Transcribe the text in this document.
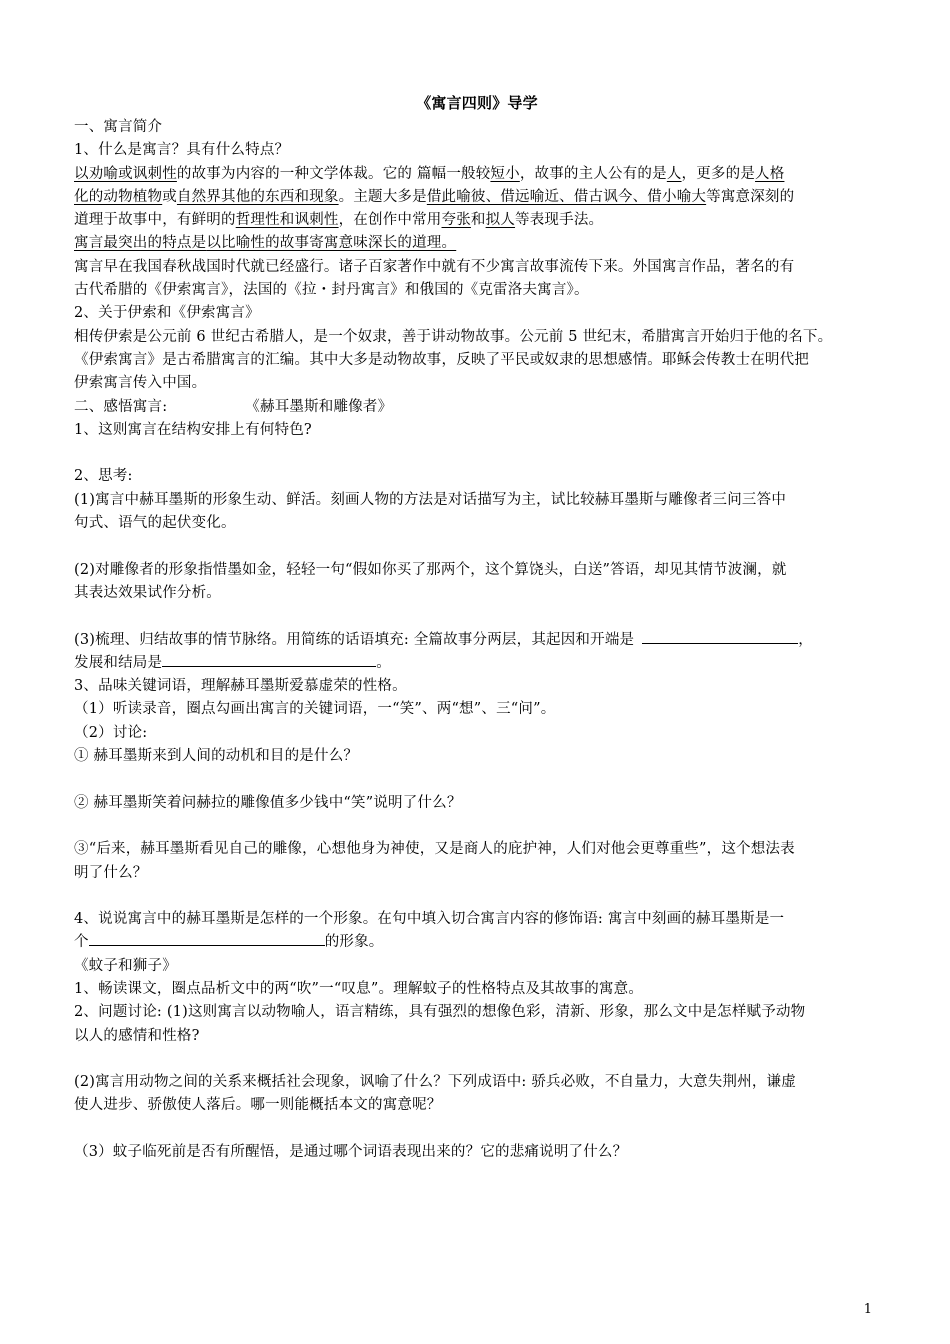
《寓言四则》导学
一、寓言简介
1、什么是寓言？具有什么特点？
以劝喻或讽刺性的故事为内容的一种文学体裁。它的 篇幅一般较短小，故事的主人公有的是人，更多的是人格
化的动物植物或自然界其他的东西和现象。主题大多是借此喻彼、借远喻近、借古讽今、借小喻大等寓意深刻的
道理于故事中，有鲜明的哲理性和讽刺性，在创作中常用夸张和拟人等表现手法。
寓言最突出的特点是以比喻性的故事寄寓意味深长的道理。
寓言早在我国春秋战国时代就已经盛行。诸子百家著作中就有不少寓言故事流传下来。外国寓言作品，著名的有
古代希腊的《伊索寓言》，法国的《拉・封丹寓言》和俄国的《克雷洛夫寓言》。
2、关于伊索和《伊索寓言》
相传伊索是公元前 6 世纪古希腊人，是一个奴隶，善于讲动物故事。公元前 5 世纪末，希腊寓言开始归于他的名下。
《伊索寓言》是古希腊寓言的汇编。其中大多是动物故事，反映了平民或奴隶的思想感情。耶稣会传教士在明代把
伊索寓言传入中国。
二、感悟寓言:	《赫耳墨斯和雕像者》
1、这则寓言在结构安排上有何特色?
2、思考:
(1)寓言中赫耳墨斯的形象生动、鲜活。刻画人物的方法是对话描写为主，试比较赫耳墨斯与雕像者三问三答中
句式、语气的起伏变化。
(2)对雕像者的形象指惜墨如金，轻轻一句“假如你买了那两个，这个算饶头，白送”答语，却见其情节波澜，就
其表达效果试作分析。
(3)梳理、归结故事的情节脉络。用简练的话语填充: 全篇故事分两层，其起因和开端是	，
发展和结局是	。
3、品味关键词语，理解赫耳墨斯爱慕虚荣的性格。
（1）听读录音，圈点勾画出寓言的关键词语，一“笑”、两“想”、三“问”。
（2）讨论:
① 赫耳墨斯来到人间的动机和目的是什么？
② 赫耳墨斯笑着问赫拉的雕像值多少钱中“笑”说明了什么？
③“后来，赫耳墨斯看见自己的雕像，心想他身为神使，又是商人的庇护神，人们对他会更尊重些”，这个想法表
明了什么？
4、说说寓言中的赫耳墨斯是怎样的一个形象。在句中填入切合寓言内容的修饰语: 寓言中刻画的赫耳墨斯是一
个	的形象。
《蚊子和狮子》
1、畅读课文，圈点品析文中的两“吹”一“叹息”。理解蚊子的性格特点及其故事的寓意。
2、问题讨论: (1)这则寓言以动物喻人，语言精练，具有强烈的想像色彩，清新、形象，那么文中是怎样赋予动物
以人的感情和性格?
(2)寓言用动物之间的关系来概括社会现象，讽喻了什么？下列成语中: 骄兵必败，不自量力，大意失荆州，谦虚
使人进步、骄傲使人落后。哪一则能概括本文的寓意呢？
（3）蚊子临死前是否有所醒悟，是通过哪个词语表现出来的？它的悲痛说明了什么？
1
